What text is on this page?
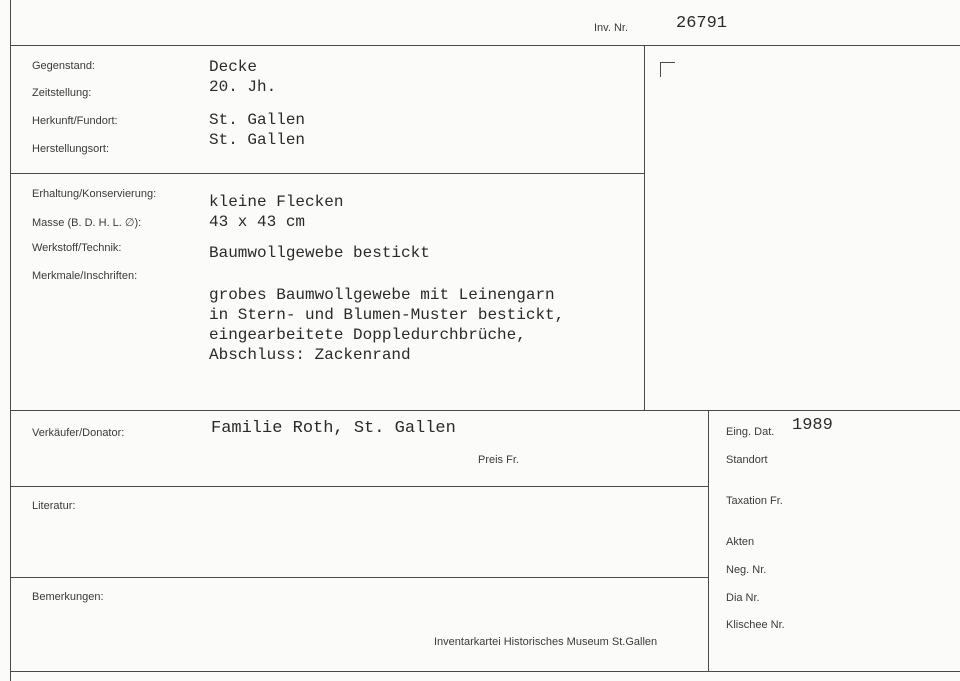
Inv. Nr.	26791
Gegenstand:	Decke
Zeitstellung:	20. Jh.
Herkunft/Fundort:	St. Gallen
Herstellungsort:	St. Gallen
Erhaltung/Konservierung:	kleine Flecken
Masse (B. D. H. L. ∅):	43 x 43 cm
Werkstoff/Technik:	Baumwollgewebe bestickt
Merkmale/Inschriften:
grobes Baumwollgewebe mit Leinengarn
in Stern- und Blumen-Muster bestickt,
eingearbeitete Doppledurchbrüche,
Abschluss: Zackenrand
Verkäufer/Donator:	Familie Roth, St. Gallen
Preis Fr.
Literatur:
Bemerkungen:
Inventarkartei Historisches Museum St.Gallen
Eing. Dat. 1989
Standort
Taxation Fr.
Akten
Neg. Nr.
Dia Nr.
Klischee Nr.
